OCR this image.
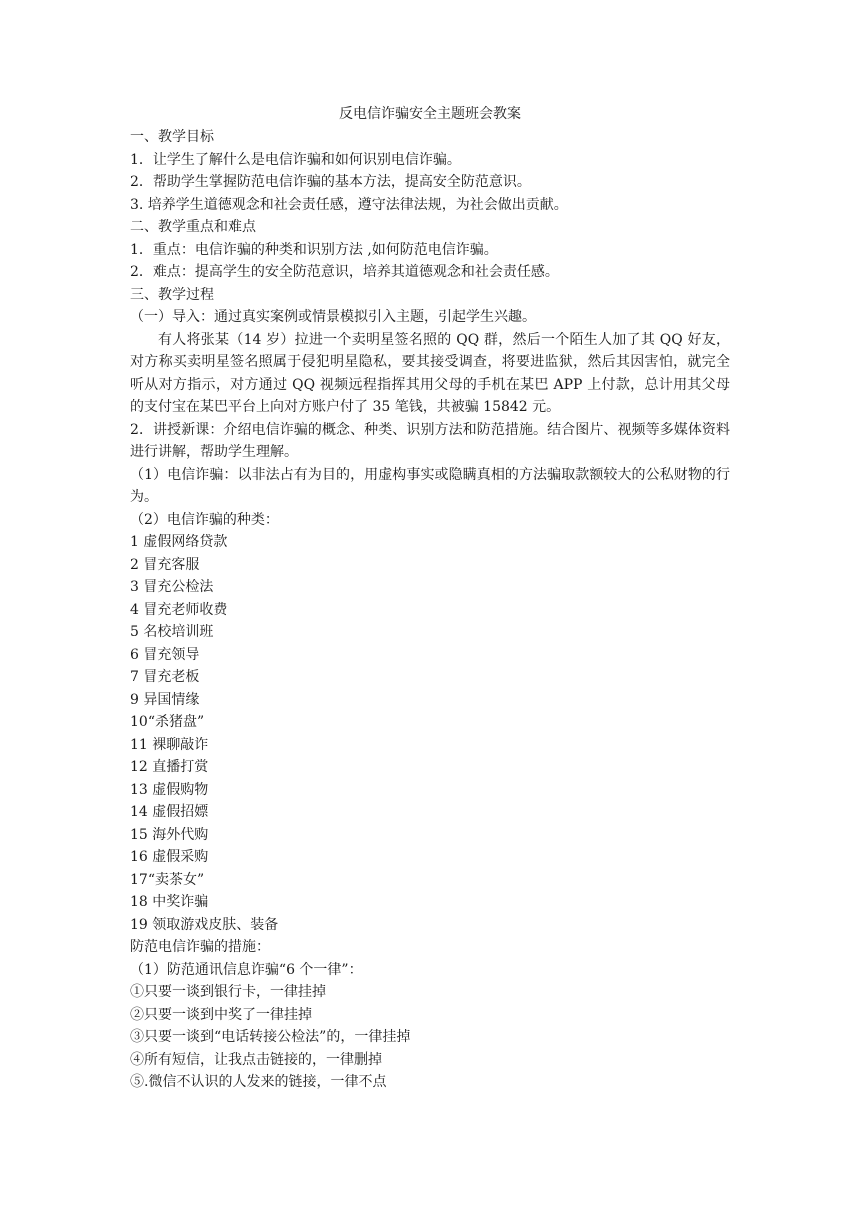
反电信诈骗安全主题班会教案

一、教学目标

1．让学生了解什么是电信诈骗和如何识别电信诈骗。

2．帮助学生掌握防范电信诈骗的基本方法，提高安全防范意识。

3. 培养学生道德观念和社会责任感，遵守法律法规，为社会做出贡献。

二、教学重点和难点

1．重点：电信诈骗的种类和识别方法 ,如何防范电信诈骗。

2．难点：提高学生的安全防范意识，培养其道德观念和社会责任感。

三、教学过程

（一）导入：通过真实案例或情景模拟引入主题，引起学生兴趣。

有人将张某（14 岁）拉进一个卖明星签名照的 QQ 群，然后一个陌生人加了其 QQ 好友，对方称买卖明星签名照属于侵犯明星隐私，要其接受调查，将要进监狱，然后其因害怕，就完全听从对方指示，对方通过 QQ 视频远程指挥其用父母的手机在某巴 APP 上付款，总计用其父母的支付宝在某巴平台上向对方账户付了 35 笔钱，共被骗 15842 元。

2．讲授新课：介绍电信诈骗的概念、种类、识别方法和防范措施。结合图片、视频等多媒体资料进行讲解，帮助学生理解。

（1）电信诈骗：以非法占有为目的，用虚构事实或隐瞒真相的方法骗取款额较大的公私财物的行为。

（2）电信诈骗的种类：

1 虚假网络贷款

2 冒充客服

3 冒充公检法

4 冒充老师收费

5 名校培训班

6 冒充领导

7 冒充老板

9 异国情缘

10“杀猪盘”

11 裸聊敲诈

12 直播打赏

13 虚假购物

14 虚假招嫖

15 海外代购

16 虚假采购

17“卖茶女”

18 中奖诈骗

19 领取游戏皮肤、装备

防范电信诈骗的措施：

（1）防范通讯信息诈骗“6 个一律”：

①只要一谈到银行卡，一律挂掉

②只要一谈到中奖了一律挂掉

③只要一谈到“电话转接公检法”的，一律挂掉

④所有短信，让我点击链接的，一律删掉

⑤.微信不认识的人发来的链接，一律不点
